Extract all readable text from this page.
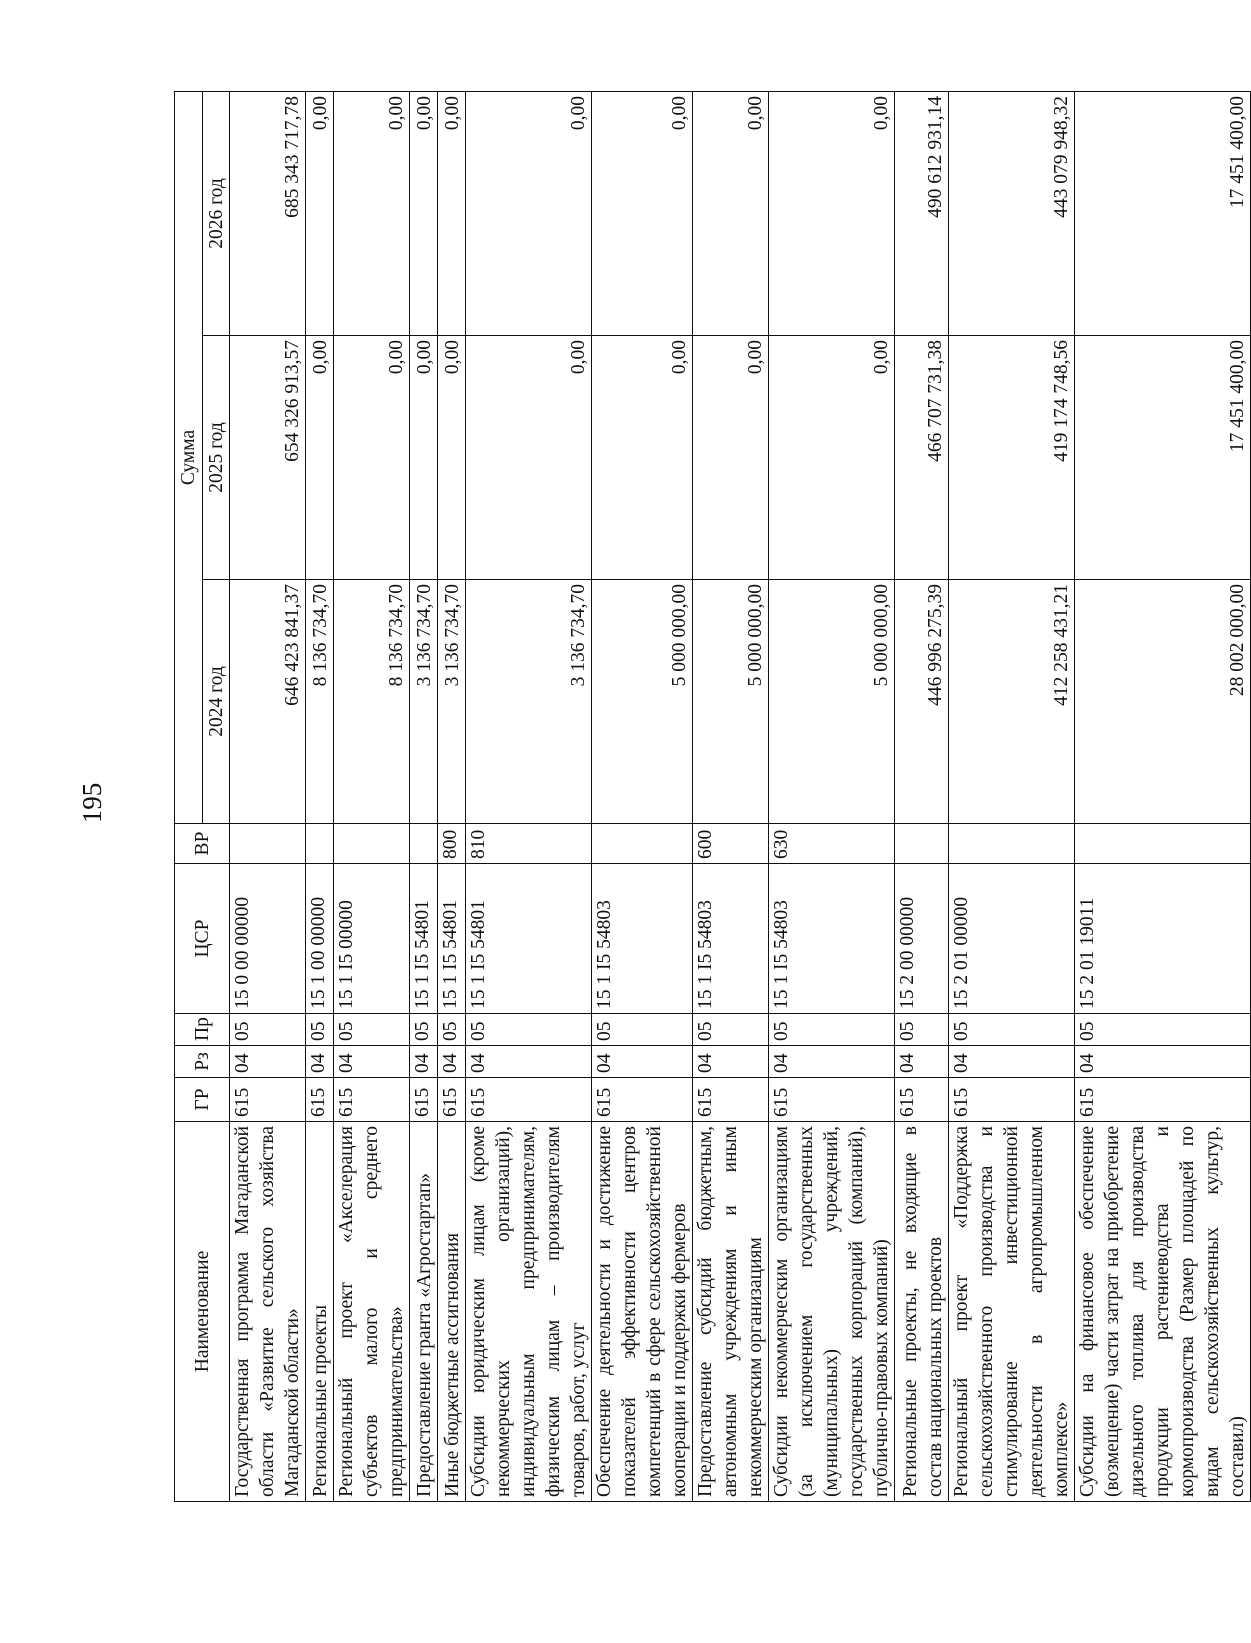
195
Наименование	ГР	Рз	Пр	ЦСР	ВР	Сумма		
						2024 год	2025 год	2026 год
Государственная программа Магаданской области «Развитие сельского хозяйства Магаданской области»	615	04	05	15 0 00 00000		646 423 841,37	654 326 913,57	685 343 717,78
Региональные проекты	615	04	05	15 1 00 00000		8 136 734,70	0,00	0,00
Региональный проект «Акселерация субъектов малого и среднего предпринимательства»	615	04	05	15 1 I5 00000		8 136 734,70	0,00	0,00
Предоставление гранта «Агростартап»	615	04	05	15 1 I5 54801		3 136 734,70	0,00	0,00
Иные бюджетные ассигнования	615	04	05	15 1 I5 54801	800	3 136 734,70	0,00	0,00
Субсидии юридическим лицам (кроме некоммерческих организаций), индивидуальным предпринимателям, физическим лицам – производителям товаров, работ, услуг	615	04	05	15 1 I5 54801	810	3 136 734,70	0,00	0,00
Обеспечение деятельности и достижение показателей эффективности центров компетенций в сфере сельскохозяйственной кооперации и поддержки фермеров	615	04	05	15 1 I5 54803		5 000 000,00	0,00	0,00
Предоставление субсидий бюджетным, автономным учреждениям и иным некоммерческим организациям	615	04	05	15 1 I5 54803	600	5 000 000,00	0,00	0,00
Субсидии некоммерческим организациям (за исключением государственных (муниципальных) учреждений, государственных корпораций (компаний), публично-правовых компаний)	615	04	05	15 1 I5 54803	630	5 000 000,00	0,00	0,00
Региональные проекты, не входящие в состав национальных проектов	615	04	05	15 2 00 00000		446 996 275,39	466 707 731,38	490 612 931,14
Региональный проект «Поддержка сельскохозяйственного производства и стимулирование инвестиционной деятельности в агропромышленном комплексе»	615	04	05	15 2 01 00000		412 258 431,21	419 174 748,56	443 079 948,32
Субсидии на финансовое обеспечение (возмещение) части затрат на приобретение дизельного топлива для производства продукции растениеводства и кормопроизводства (Размер площадей по видам сельскохозяйственных культур, составил)	615	04	05	15 2 01 19011		28 002 000,00	17 451 400,00	17 451 400,00
